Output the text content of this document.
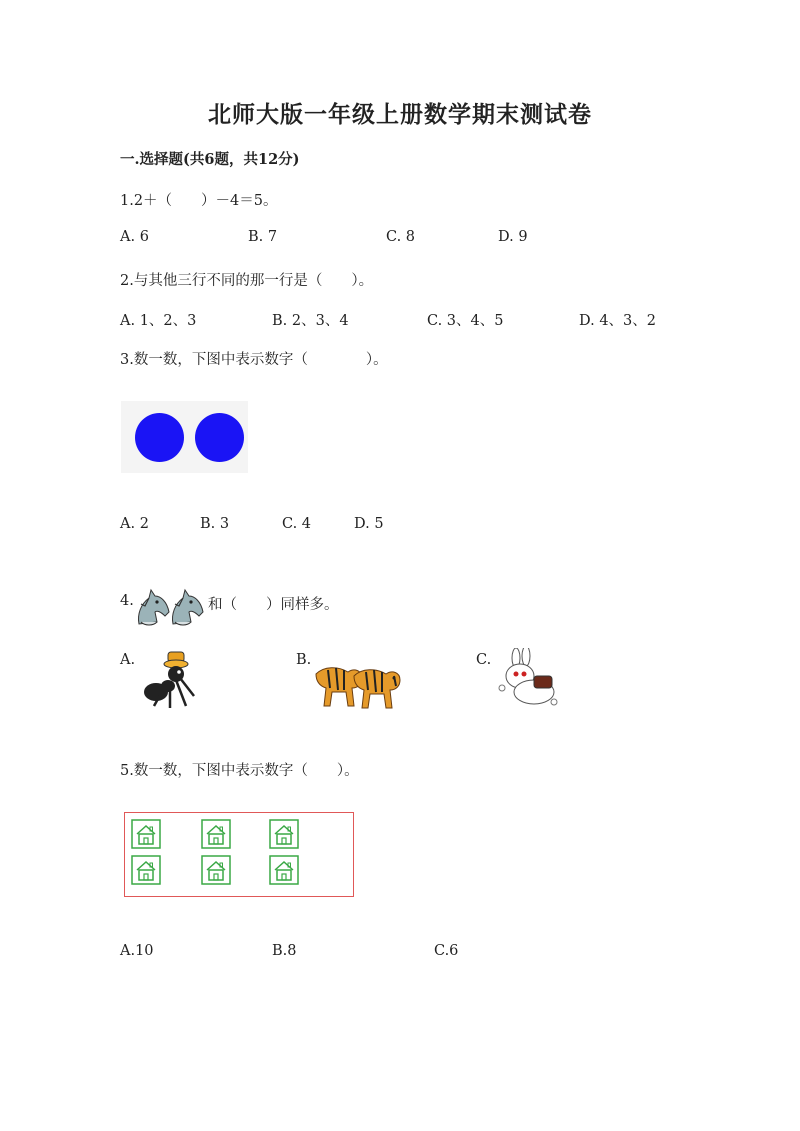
北师大版一年级上册数学期末测试卷
一.选择题(共6题，共12分)
1.2＋（　　）－4＝5。
A. 6	B. 7	C. 8	D. 9
2.与其他三行不同的那一行是（　　）。
A. 1、2、3	B. 2、3、4	C. 3、4、5	D. 4、3、2
3.数一数，下图中表示数字（　　　　）。
A. 2	B. 3	C. 4	D. 5
4.	和（　　）同样多。
A.	B.	C.
5.数一数，下图中表示数字（　　）。
A.10	B.8	C.6
